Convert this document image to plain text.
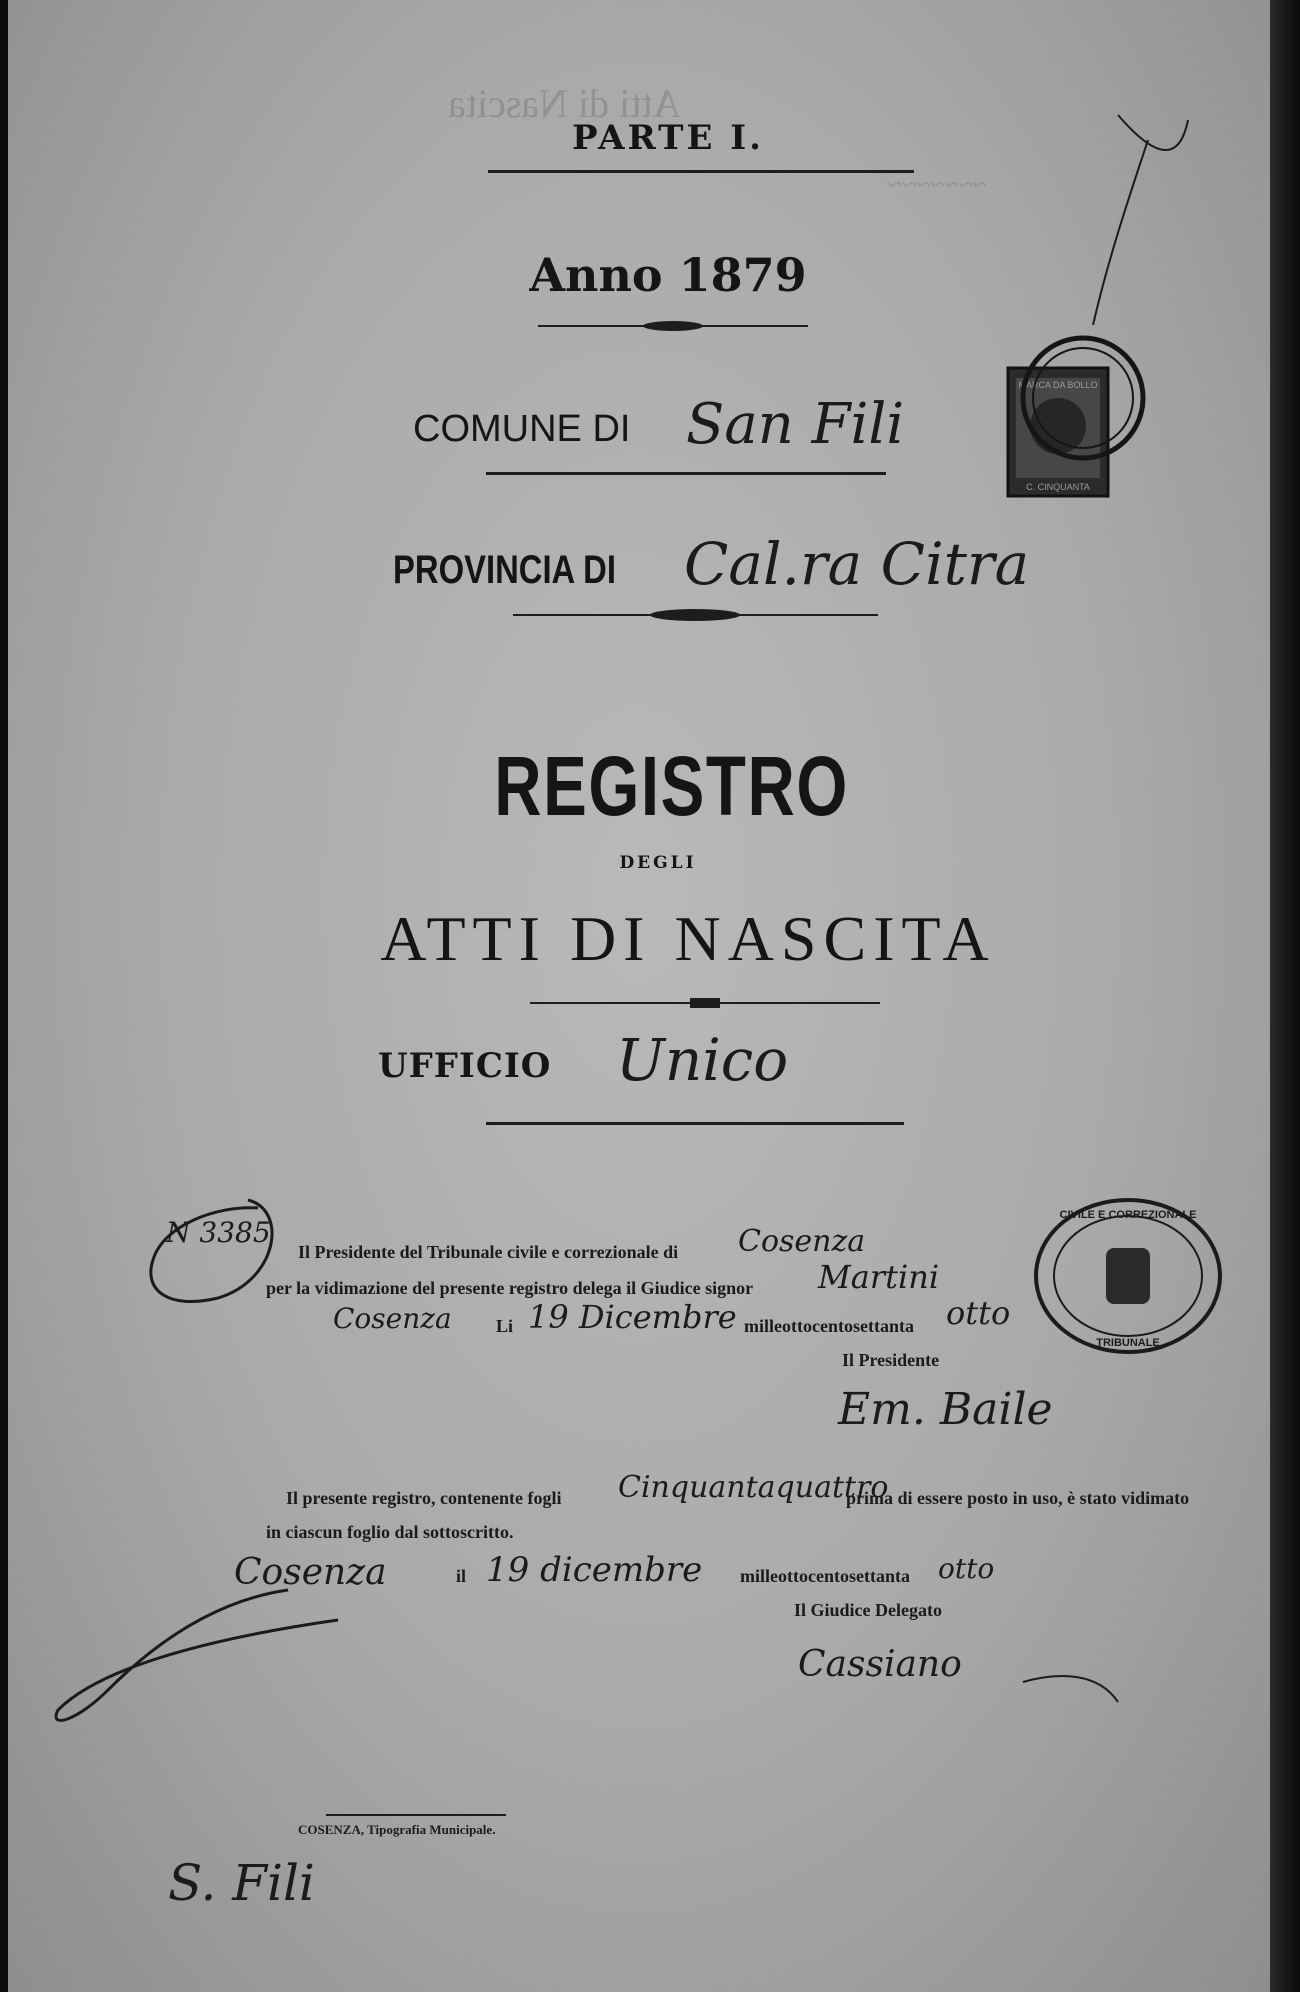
Atti di Nascita
~~~~~~~
PARTE I.
Anno 1879
COMUNE DI San Fili
MARCA DA BOLLO
C. CINQUANTA
PROVINCIA DI Cal.ra Citra
REGISTRO
DEGLI
ATTI DI NASCITA
UFFICIO Unico
N 3385
Il Presidente del Tribunale civile e correzionale di Cosenza
per la vidimazione del presente registro delega il Giudice signor Martini
Cosenza Li 19 Dicembre milleottocentosettanta otto
Il Presidente
Em. Baile
CIVILE E CORREZIONALE
TRIBUNALE
Il presente registro, contenente fogli Cinquantaquattro
prima di essere posto in uso, è stato vidimato
in ciascun foglio dal sottoscritto.
Cosenza	il 19 dicembre milleottocentosettanta otto
Il Giudice Delegato
Cassiano
COSENZA, Tipografia Municipale.
S. Fili
